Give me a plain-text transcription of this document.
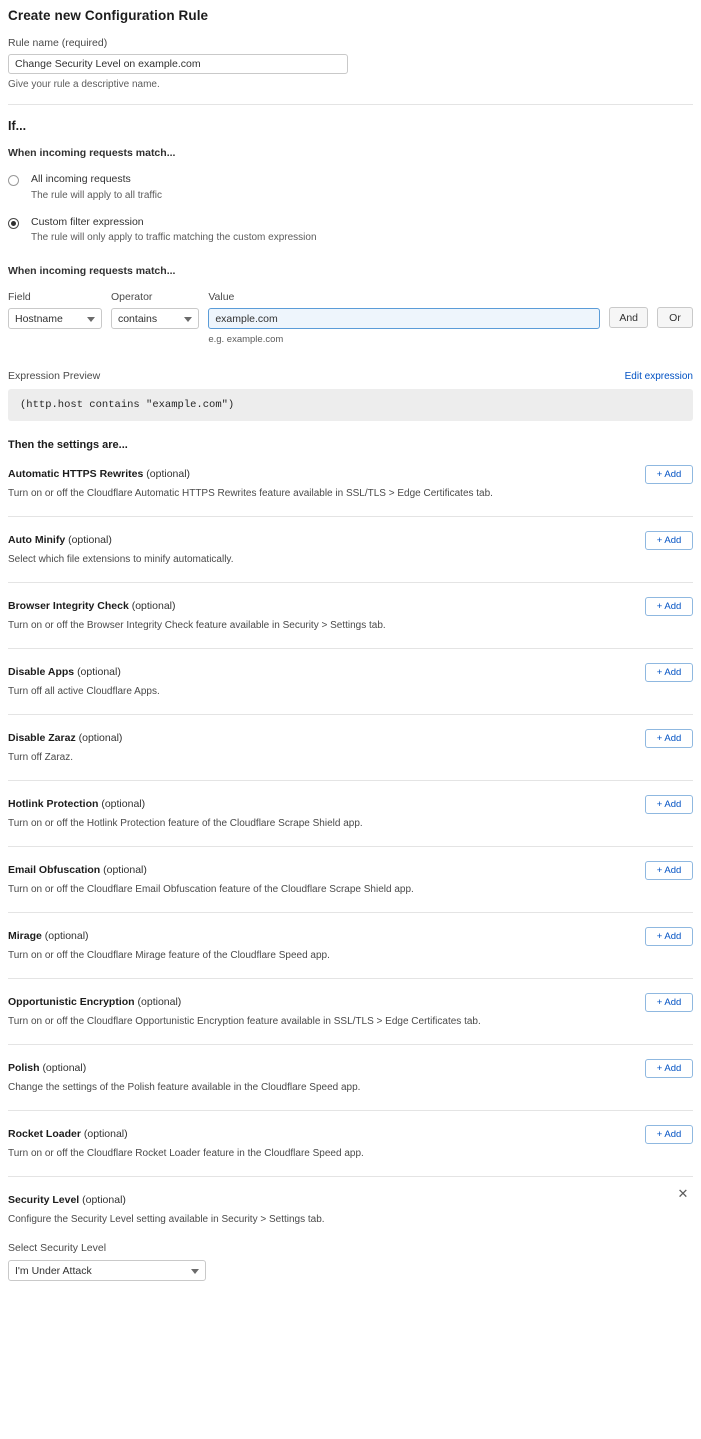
Create new Configuration Rule
Rule name (required)
Change Security Level on example.com
Give your rule a descriptive name.
If...
When incoming requests match...
All incoming requests
The rule will apply to all traffic
Custom filter expression
The rule will only apply to traffic matching the custom expression
When incoming requests match...
Field
Hostname
Operator
contains
Value
example.com
e.g. example.com
And	Or
Expression Preview	Edit expression
(http.host contains "example.com")
Then the settings are...
Automatic HTTPS Rewrites (optional)
Turn on or off the Cloudflare Automatic HTTPS Rewrites feature available in SSL/TLS > Edge Certificates tab.
+ Add
Auto Minify (optional)
Select which file extensions to minify automatically.
+ Add
Browser Integrity Check (optional)
Turn on or off the Browser Integrity Check feature available in Security > Settings tab.
+ Add
Disable Apps (optional)
Turn off all active Cloudflare Apps.
+ Add
Disable Zaraz (optional)
Turn off Zaraz.
+ Add
Hotlink Protection (optional)
Turn on or off the Hotlink Protection feature of the Cloudflare Scrape Shield app.
+ Add
Email Obfuscation (optional)
Turn on or off the Cloudflare Email Obfuscation feature of the Cloudflare Scrape Shield app.
+ Add
Mirage (optional)
Turn on or off the Cloudflare Mirage feature of the Cloudflare Speed app.
+ Add
Opportunistic Encryption (optional)
Turn on or off the Cloudflare Opportunistic Encryption feature available in SSL/TLS > Edge Certificates tab.
+ Add
Polish (optional)
Change the settings of the Polish feature available in the Cloudflare Speed app.
+ Add
Rocket Loader (optional)
Turn on or off the Cloudflare Rocket Loader feature in the Cloudflare Speed app.
+ Add
Security Level (optional)
Configure the Security Level setting available in Security > Settings tab.
✕
Select Security Level
I'm Under Attack
